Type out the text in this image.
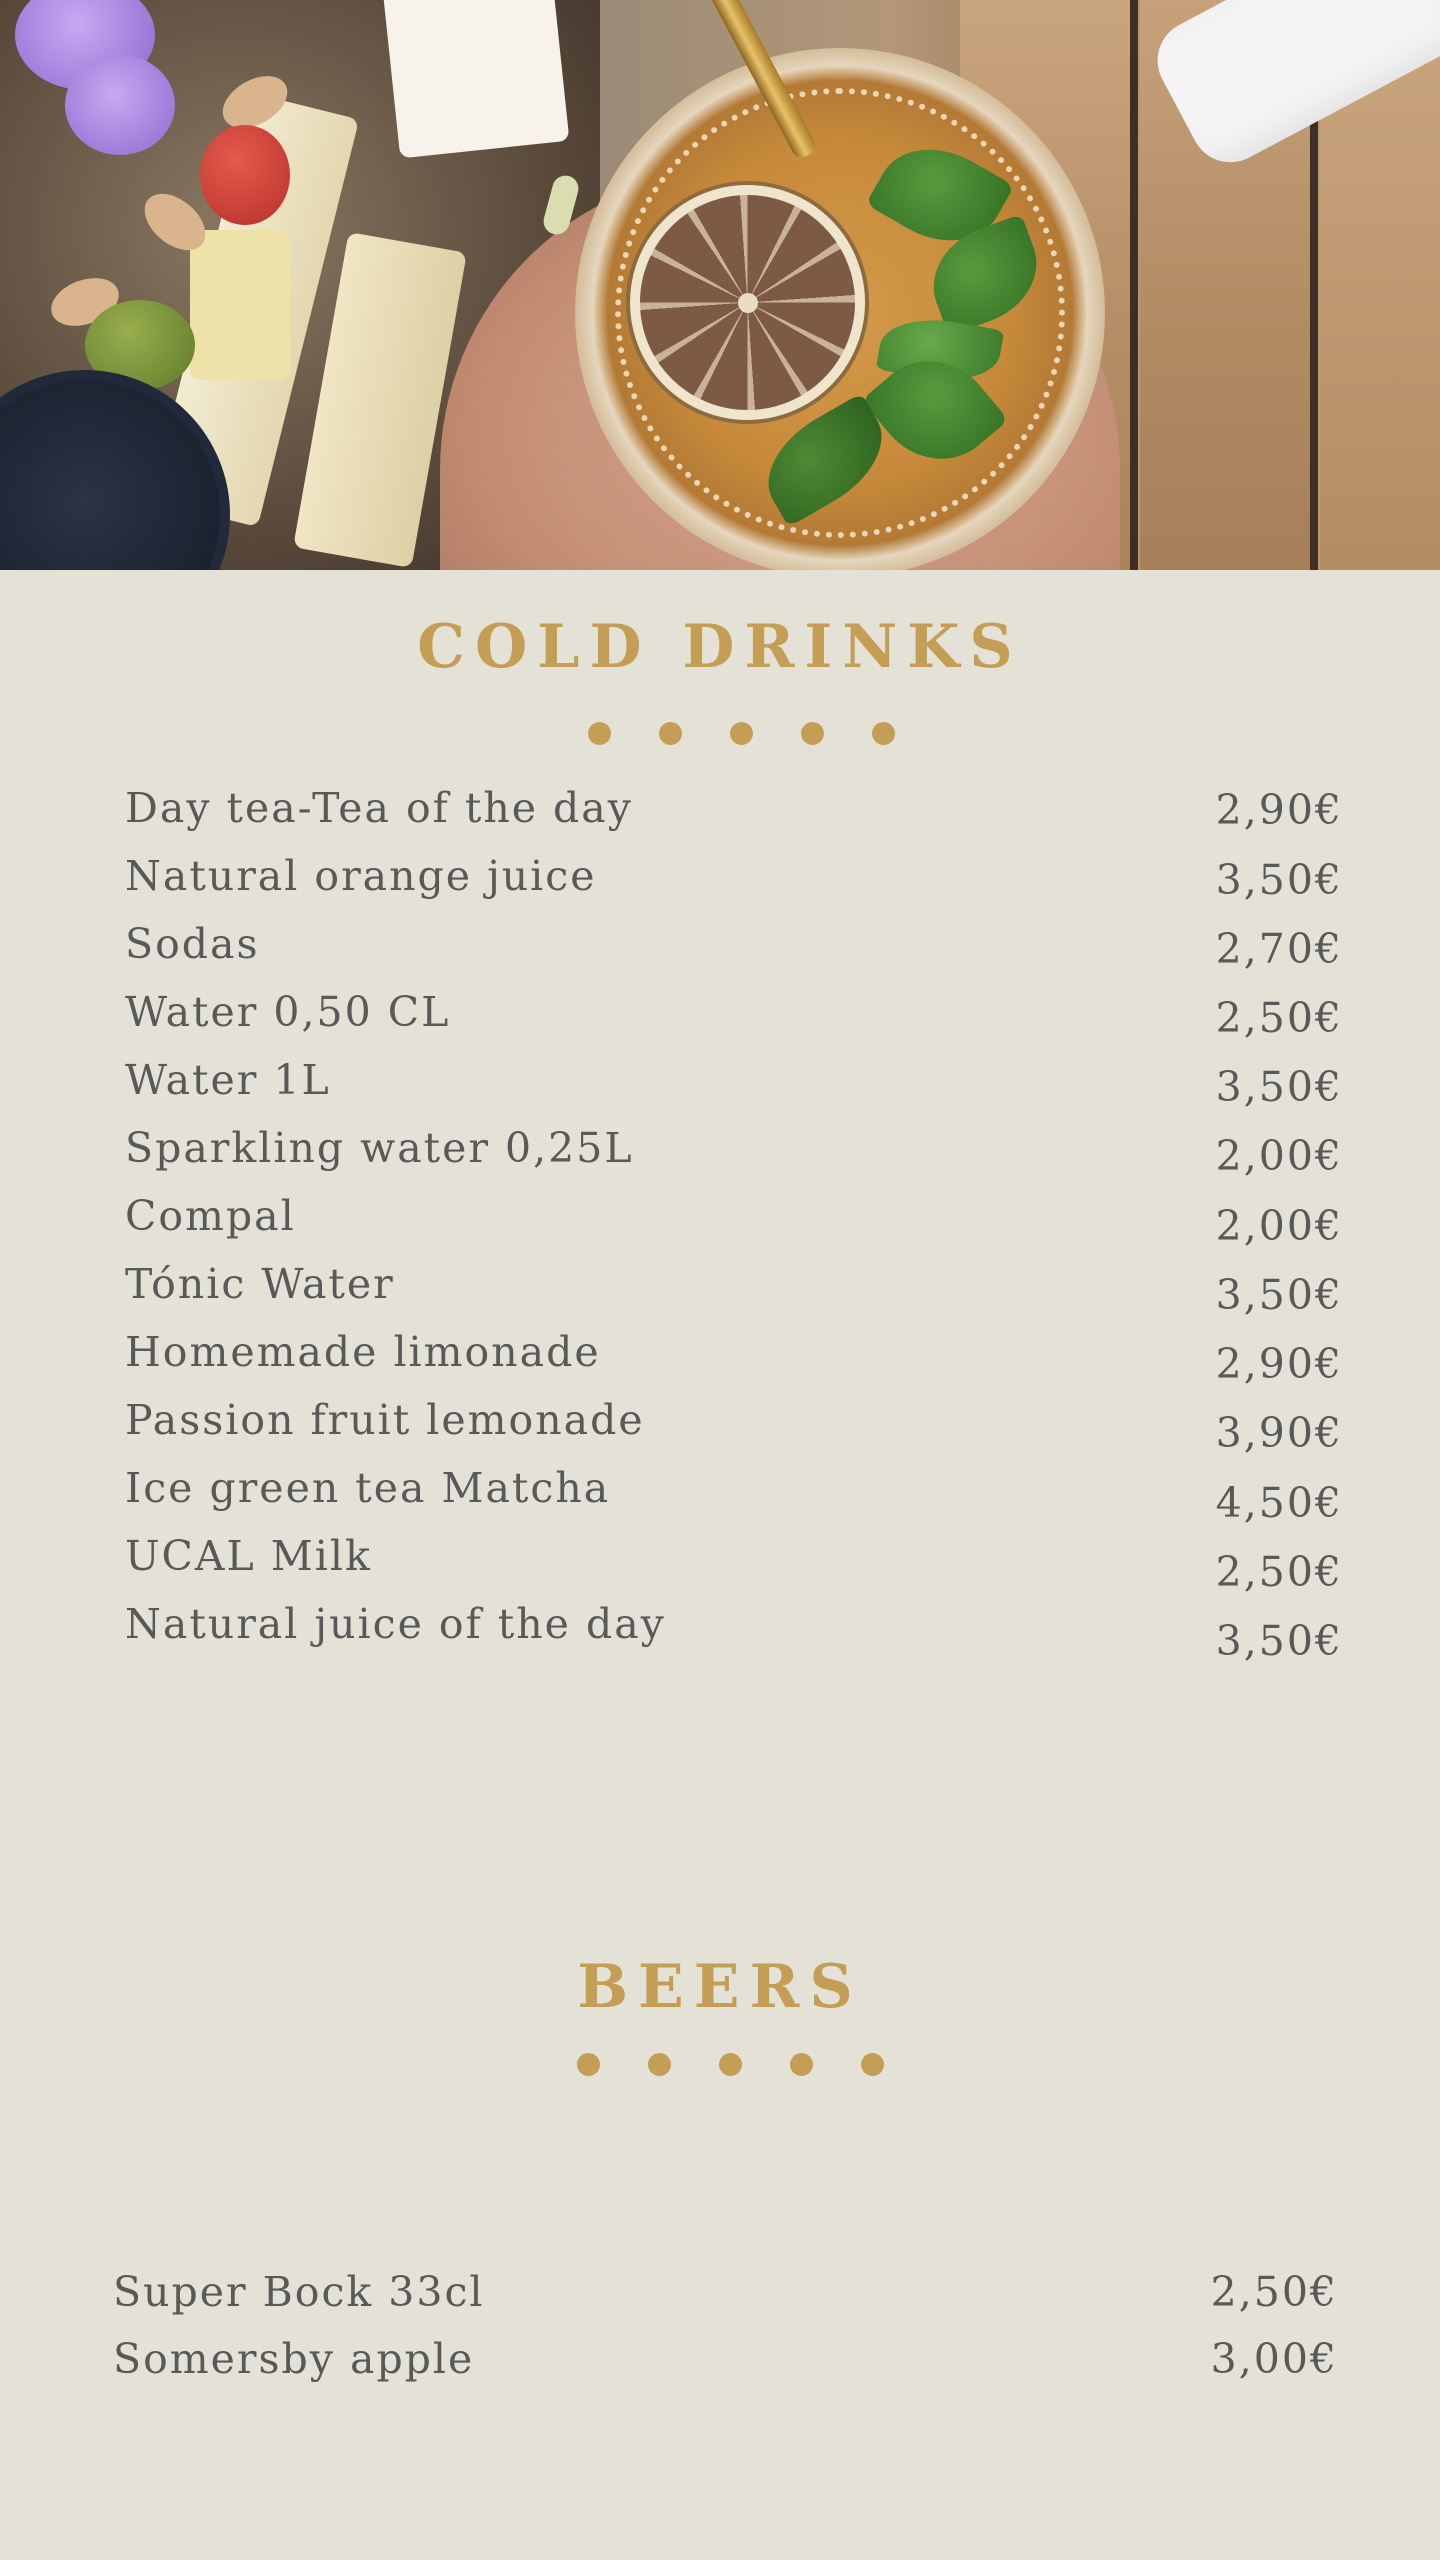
COLD DRINKS
Day tea-Tea of the day	2,90€
Natural orange juice	3,50€
Sodas	2,70€
Water 0,50 CL	2,50€
Water 1L	3,50€
Sparkling water 0,25L	2,00€
Compal	2,00€
Tónic Water	3,50€
Homemade limonade	2,90€
Passion fruit lemonade	3,90€
Ice green tea Matcha	4,50€
UCAL Milk	2,50€
Natural juice of the day	3,50€
BEERS
Super Bock 33cl	2,50€
Somersby apple	3,00€
